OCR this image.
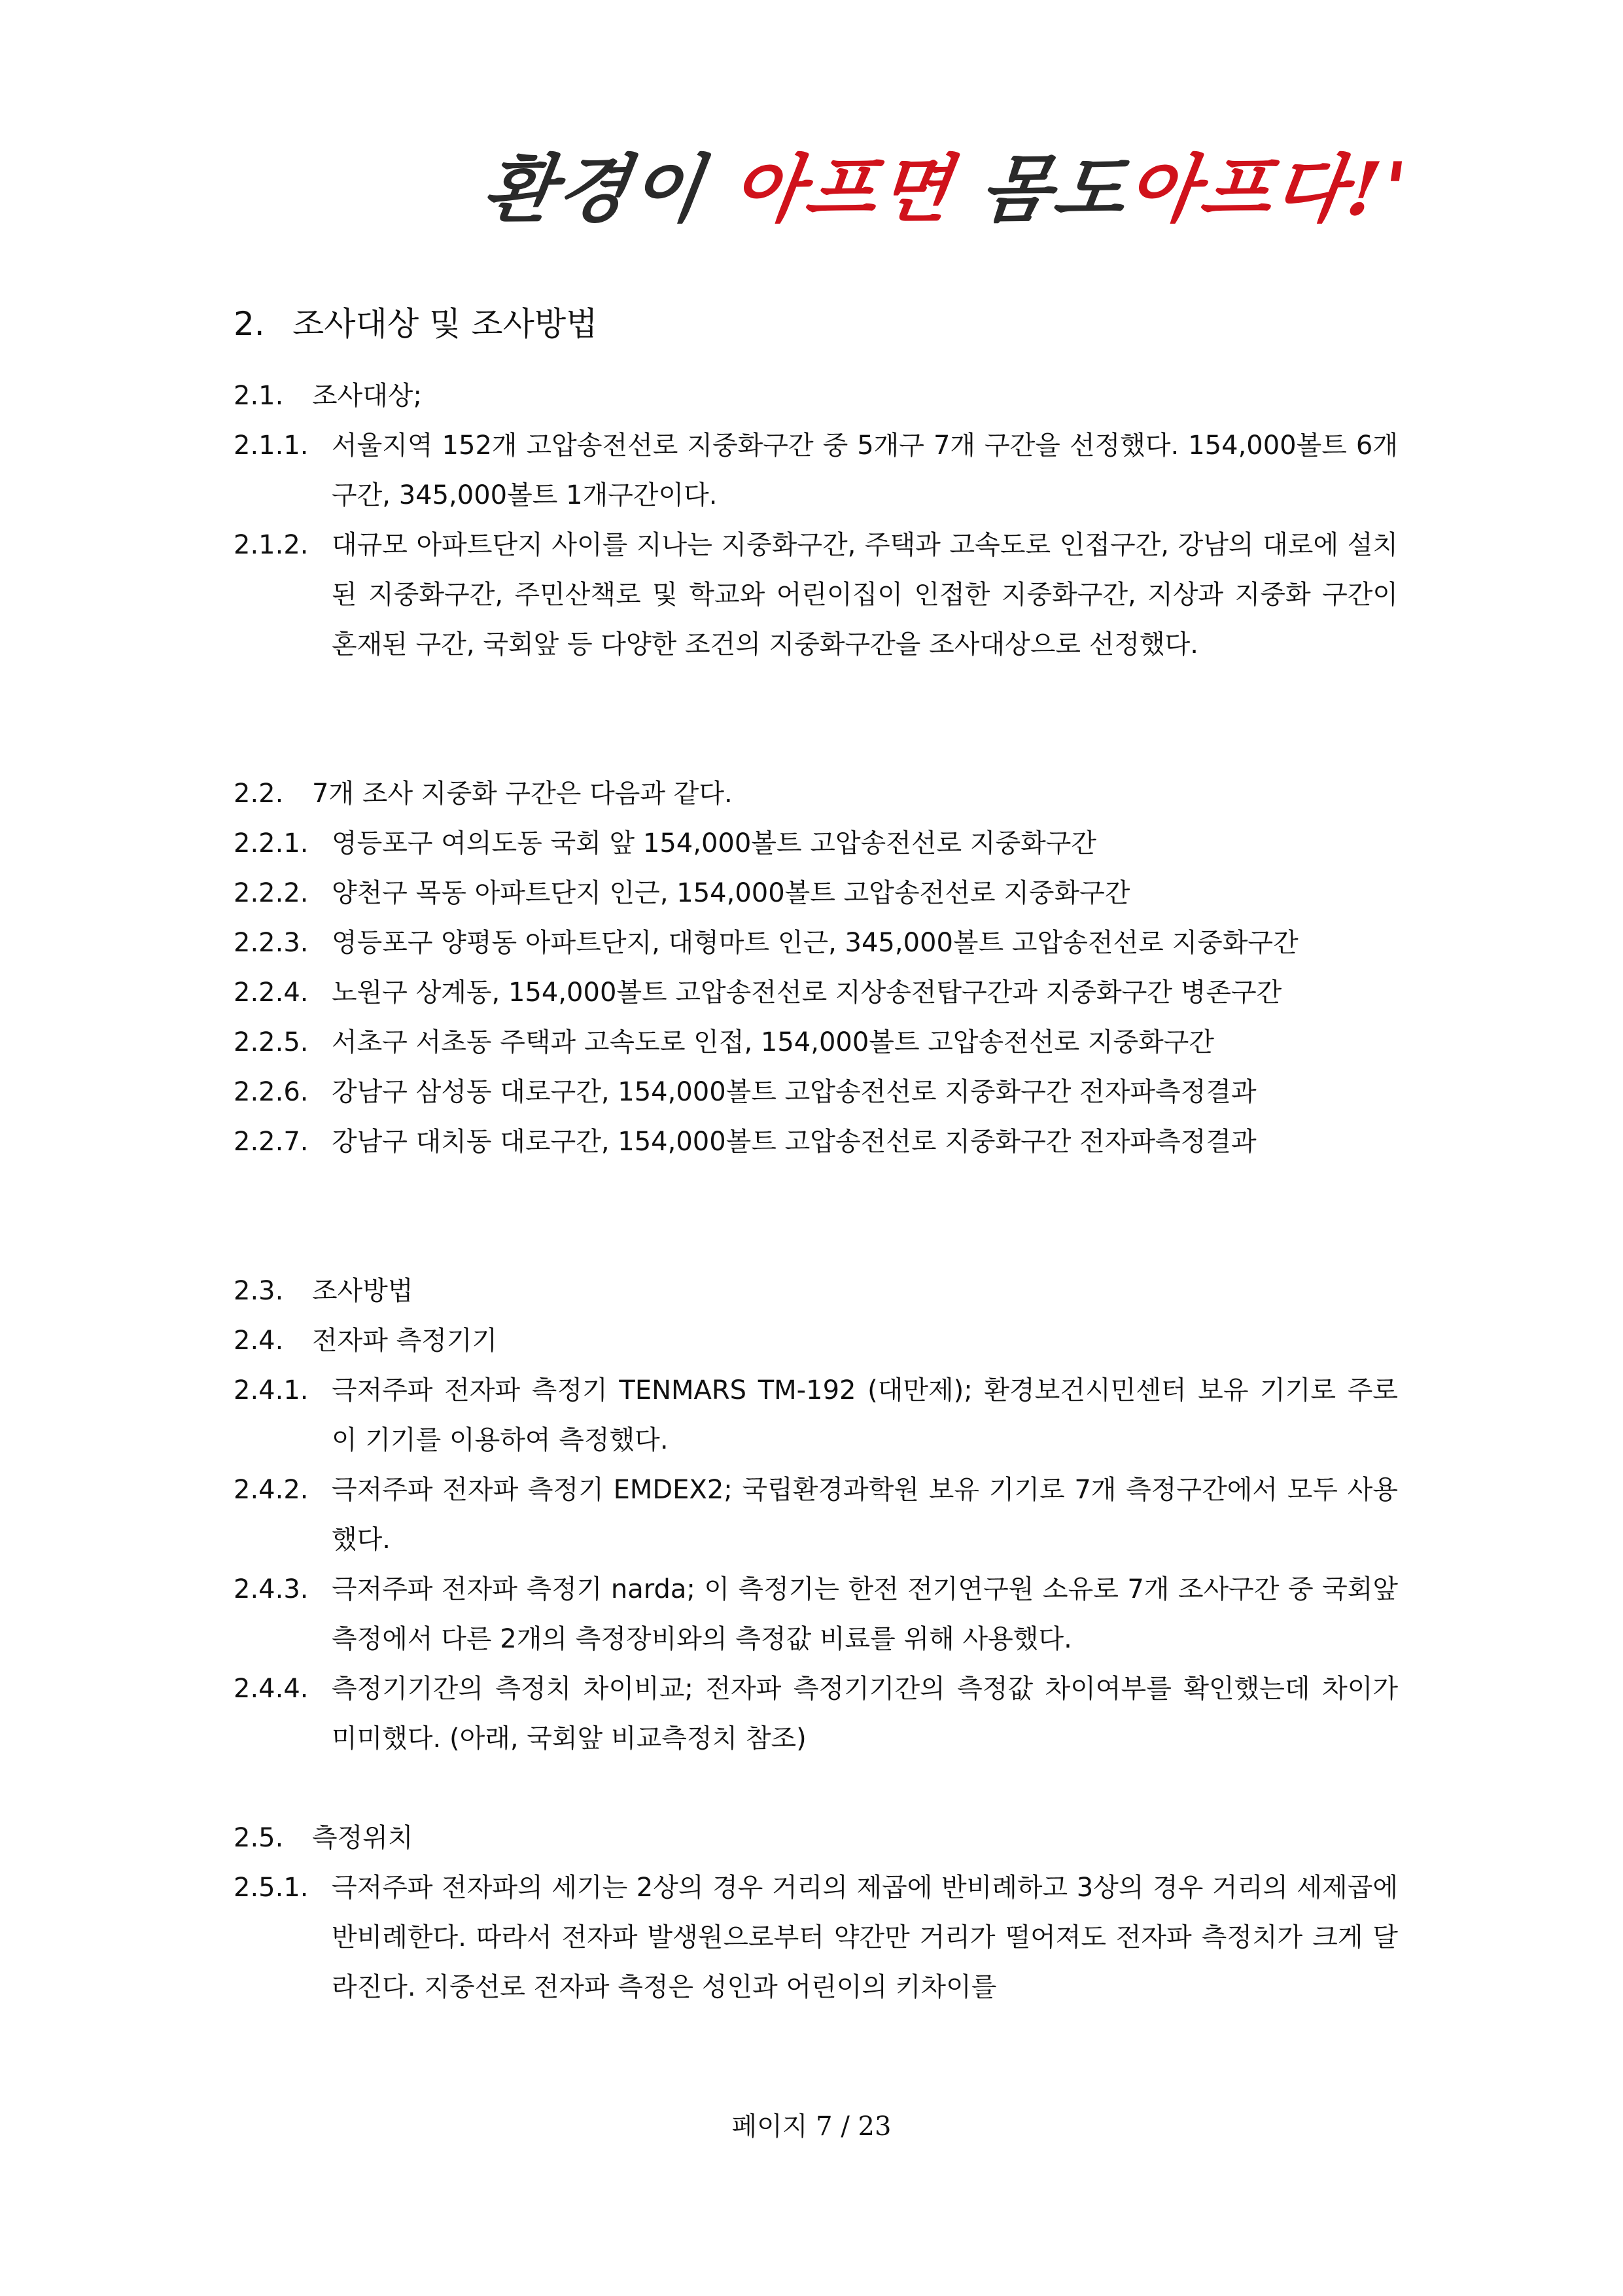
환경이 아프면 몸도아프다!'
2. 조사대상 및 조사방법
2.1. 조사대상;
2.1.1. 서울지역 152개 고압송전선로 지중화구간 중 5개구 7개 구간을 선정했다. 154,000볼트 6개구간, 345,000볼트 1개구간이다.
2.1.2. 대규모 아파트단지 사이를 지나는 지중화구간, 주택과 고속도로 인접구간, 강남의 대로에 설치된 지중화구간, 주민산책로 및 학교와 어린이집이 인접한 지중화구간, 지상과 지중화 구간이 혼재된 구간, 국회앞 등 다양한 조건의 지중화구간을 조사대상으로 선정했다.
2.2. 7개 조사 지중화 구간은 다음과 같다.
2.2.1. 영등포구 여의도동 국회 앞 154,000볼트 고압송전선로 지중화구간
2.2.2. 양천구 목동 아파트단지 인근, 154,000볼트 고압송전선로 지중화구간
2.2.3. 영등포구 양평동 아파트단지, 대형마트 인근, 345,000볼트 고압송전선로 지중화구간
2.2.4. 노원구 상계동, 154,000볼트 고압송전선로 지상송전탑구간과 지중화구간 병존구간
2.2.5. 서초구 서초동 주택과 고속도로 인접, 154,000볼트 고압송전선로 지중화구간
2.2.6. 강남구 삼성동 대로구간, 154,000볼트 고압송전선로 지중화구간 전자파측정결과
2.2.7. 강남구 대치동 대로구간, 154,000볼트 고압송전선로 지중화구간 전자파측정결과
2.3. 조사방법
2.4. 전자파 측정기기
2.4.1. 극저주파 전자파 측정기 TENMARS TM-192 (대만제); 환경보건시민센터 보유 기기로 주로 이 기기를 이용하여 측정했다.
2.4.2. 극저주파 전자파 측정기 EMDEX2; 국립환경과학원 보유 기기로 7개 측정구간에서 모두 사용했다.
2.4.3. 극저주파 전자파 측정기 narda; 이 측정기는 한전 전기연구원 소유로 7개 조사구간 중 국회앞 측정에서 다른 2개의 측정장비와의 측정값 비료를 위해 사용했다.
2.4.4. 측정기기간의 측정치 차이비교; 전자파 측정기기간의 측정값 차이여부를 확인했는데 차이가 미미했다. (아래, 국회앞 비교측정치 참조)
2.5. 측정위치
2.5.1. 극저주파 전자파의 세기는 2상의 경우 거리의 제곱에 반비례하고 3상의 경우 거리의 세제곱에 반비례한다. 따라서 전자파 발생원으로부터 약간만 거리가 떨어져도 전자파 측정치가 크게 달라진다. 지중선로 전자파 측정은 성인과 어린이의 키차이를
페이지 7 / 23
